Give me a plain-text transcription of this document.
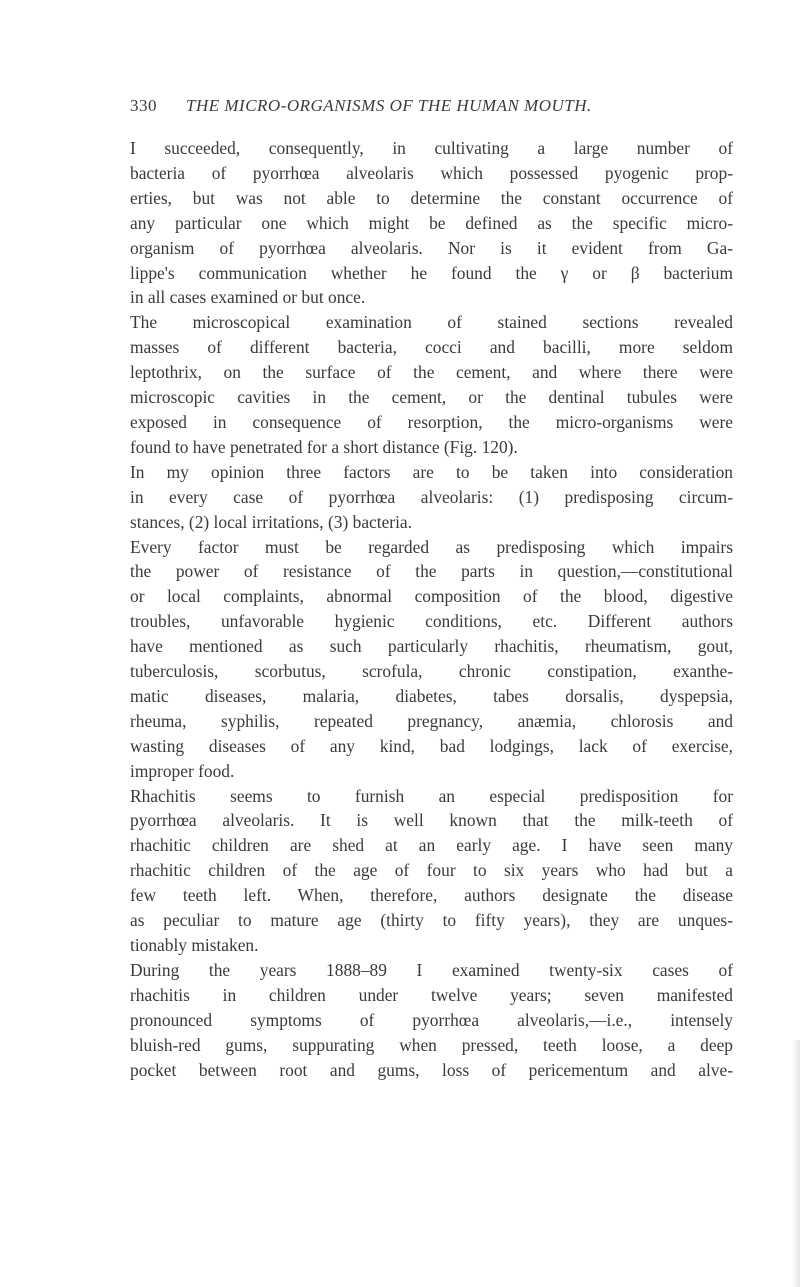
330 THE MICRO-ORGANISMS OF THE HUMAN MOUTH.

I succeeded, consequently, in cultivating a large number of
bacteria of pyorrhœa alveolaris which possessed pyogenic prop-
erties, but was not able to determine the constant occurrence of
any particular one which might be defined as the specific micro-
organism of pyorrhœa alveolaris. Nor is it evident from Ga-
lippe's communication whether he found the γ or β bacterium
in all cases examined or but once.

The microscopical examination of stained sections revealed
masses of different bacteria, cocci and bacilli, more seldom
leptothrix, on the surface of the cement, and where there were
microscopic cavities in the cement, or the dentinal tubules were
exposed in consequence of resorption, the micro-organisms were
found to have penetrated for a short distance (Fig. 120).

In my opinion three factors are to be taken into consideration
in every case of pyorrhœa alveolaris: (1) predisposing circum-
stances, (2) local irritations, (3) bacteria.

Every factor must be regarded as predisposing which impairs
the power of resistance of the parts in question,—constitutional
or local complaints, abnormal composition of the blood, digestive
troubles, unfavorable hygienic conditions, etc. Different authors
have mentioned as such particularly rhachitis, rheumatism, gout,
tuberculosis, scorbutus, scrofula, chronic constipation, exanthe-
matic diseases, malaria, diabetes, tabes dorsalis, dyspepsia,
rheuma, syphilis, repeated pregnancy, anæmia, chlorosis and
wasting diseases of any kind, bad lodgings, lack of exercise,
improper food.

Rhachitis seems to furnish an especial predisposition for
pyorrhœa alveolaris. It is well known that the milk-teeth of
rhachitic children are shed at an early age. I have seen many
rhachitic children of the age of four to six years who had but a
few teeth left. When, therefore, authors designate the disease
as peculiar to mature age (thirty to fifty years), they are unques-
tionably mistaken.

During the years 1888–89 I examined twenty-six cases of
rhachitis in children under twelve years; seven manifested
pronounced symptoms of pyorrhœa alveolaris,—i.e., intensely
bluish-red gums, suppurating when pressed, teeth loose, a deep
pocket between root and gums, loss of pericementum and alve-
